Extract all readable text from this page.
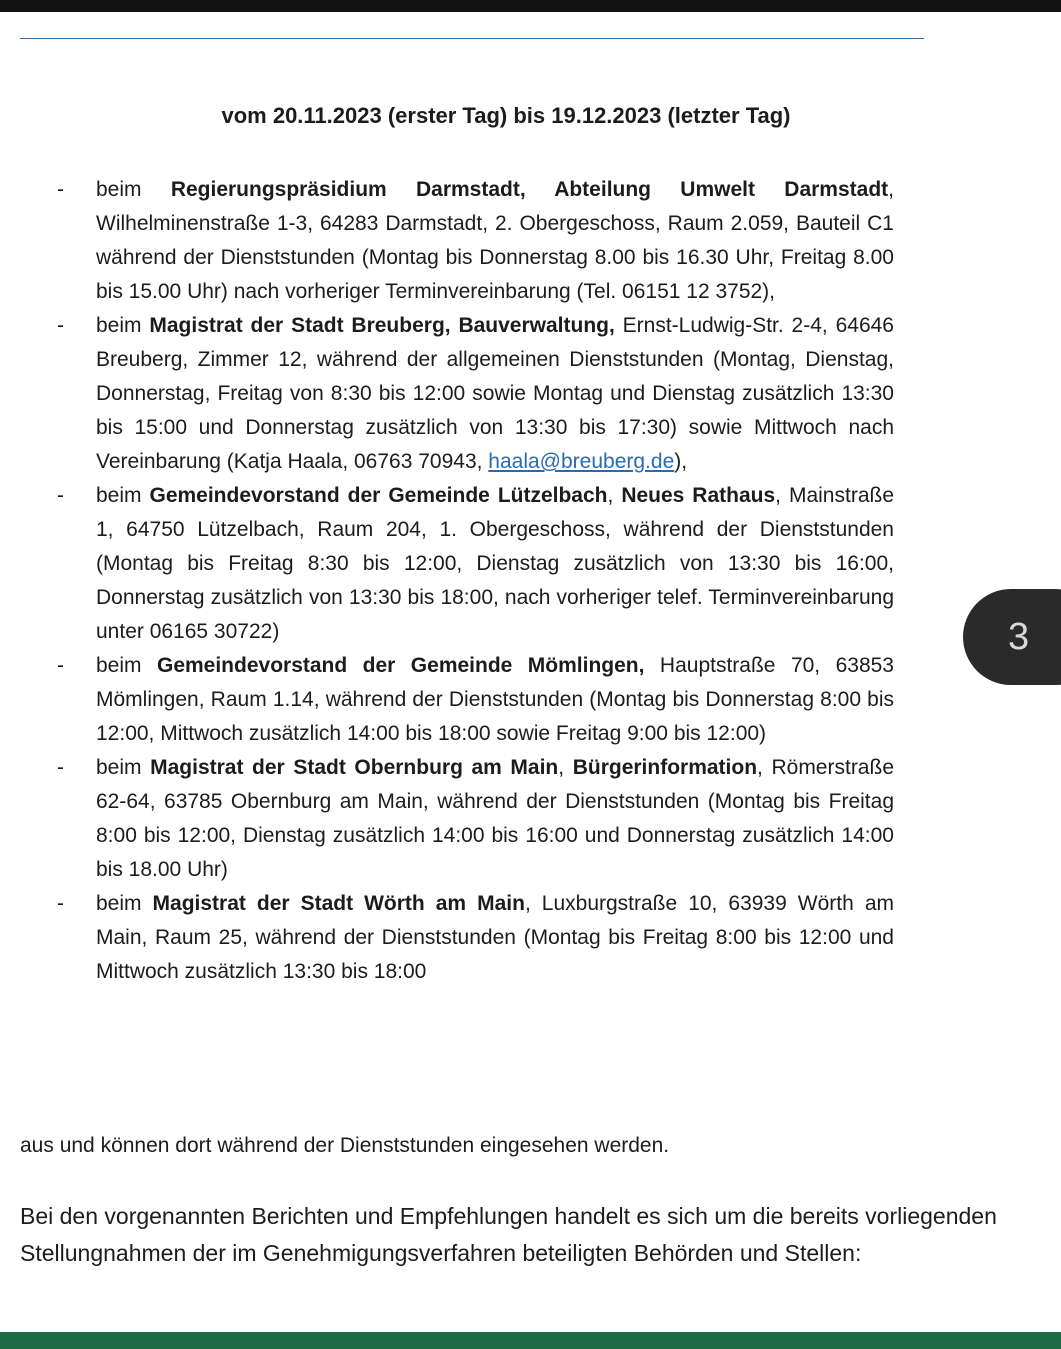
vom 20.11.2023 (erster Tag) bis 19.12.2023 (letzter Tag)
- beim Regierungspräsidium Darmstadt, Abteilung Umwelt Darmstadt, Wilhelminenstraße 1-3, 64283 Darmstadt, 2. Obergeschoss, Raum 2.059, Bauteil C1 während der Dienststunden (Montag bis Donnerstag 8.00 bis 16.30 Uhr, Freitag 8.00 bis 15.00 Uhr) nach vorheriger Terminvereinbarung (Tel. 06151 12 3752),
- beim Magistrat der Stadt Breuberg, Bauverwaltung, Ernst-Ludwig-Str. 2-4, 64646 Breuberg, Zimmer 12, während der allgemeinen Dienststunden (Montag, Dienstag, Donnerstag, Freitag von 8:30 bis 12:00 sowie Montag und Dienstag zusätzlich 13:30 bis 15:00 und Donnerstag zusätzlich von 13:30 bis 17:30) sowie Mittwoch nach Vereinbarung (Katja Haala, 06763 70943, haala@breuberg.de),
- beim Gemeindevorstand der Gemeinde Lützelbach, Neues Rathaus, Mainstraße 1, 64750 Lützelbach, Raum 204, 1. Obergeschoss, während der Dienststunden (Montag bis Freitag 8:30 bis 12:00, Dienstag zusätzlich von 13:30 bis 16:00, Donnerstag zusätzlich von 13:30 bis 18:00, nach vorheriger telef. Terminvereinbarung unter 06165 30722)
- beim Gemeindevorstand der Gemeinde Mömlingen, Hauptstraße 70, 63853 Mömlingen, Raum 1.14, während der Dienststunden (Montag bis Donnerstag 8:00 bis 12:00, Mittwoch zusätzlich 14:00 bis 18:00 sowie Freitag 9:00 bis 12:00)
- beim Magistrat der Stadt Obernburg am Main, Bürgerinformation, Römerstraße 62-64, 63785 Obernburg am Main, während der Dienststunden (Montag bis Freitag 8:00 bis 12:00, Dienstag zusätzlich 14:00 bis 16:00 und Donnerstag zusätzlich 14:00 bis 18.00 Uhr)
- beim Magistrat der Stadt Wörth am Main, Luxburgstraße 10, 63939 Wörth am Main, Raum 25, während der Dienststunden (Montag bis Freitag 8:00 bis 12:00 und Mittwoch zusätzlich 13:30 bis 18:00
aus und können dort während der Dienststunden eingesehen werden.
Bei den vorgenannten Berichten und Empfehlungen handelt es sich um die bereits vorliegenden Stellungnahmen der im Genehmigungsverfahren beteiligten Behörden und Stellen:
3
